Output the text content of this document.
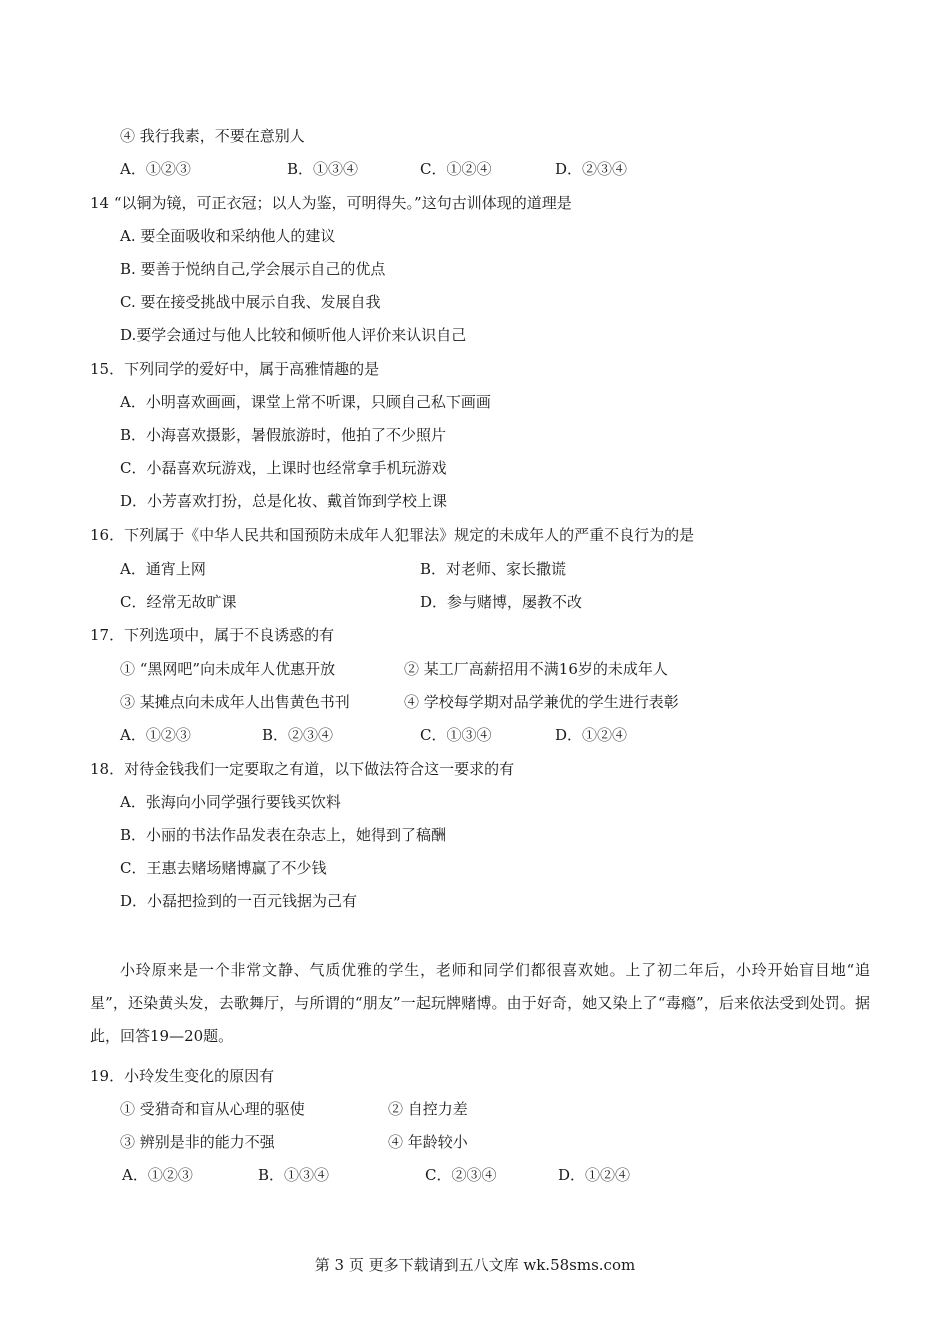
④ 我行我素，不要在意别人
A．①②③	B．①③④	C．①②④	D．②③④
14 “以铜为镜，可正衣冠；以人为鉴，可明得失。”这句古训体现的道理是
A. 要全面吸收和采纳他人的建议
B. 要善于悦纳自己,学会展示自己的优点
C. 要在接受挑战中展示自我、发展自我
D.要学会通过与他人比较和倾听他人评价来认识自己
15．下列同学的爱好中，属于高雅情趣的是
A．小明喜欢画画，课堂上常不听课，只顾自己私下画画
B．小海喜欢摄影，暑假旅游时，他拍了不少照片
C．小磊喜欢玩游戏，上课时也经常拿手机玩游戏
D．小芳喜欢打扮，总是化妆、戴首饰到学校上课
16．下列属于《中华人民共和国预防未成年人犯罪法》规定的未成年人的严重不良行为的是
A．通宵上网	B．对老师、家长撒谎
C．经常无故旷课	D．参与赌博，屡教不改
17．下列选项中，属于不良诱惑的有
① “黑网吧”向未成年人优惠开放	② 某工厂高薪招用不满16岁的未成年人
③ 某摊点向未成年人出售黄色书刊	④ 学校每学期对品学兼优的学生进行表彰
A．①②③	B．②③④	C．①③④	D．①②④
18．对待金钱我们一定要取之有道，以下做法符合这一要求的有
A．张海向小同学强行要钱买饮料
B．小丽的书法作品发表在杂志上，她得到了稿酬
C．王惠去赌场赌博赢了不少钱
D．小磊把捡到的一百元钱据为己有
小玲原来是一个非常文静、气质优雅的学生，老师和同学们都很喜欢她。上了初二年后，小玲开始盲目地“追星”，还染黄头发，去歌舞厅，与所谓的“朋友”一起玩牌赌博。由于好奇，她又染上了“毒瘾”，后来依法受到处罚。据此，回答19—20题。
19．小玲发生变化的原因有
① 受猎奇和盲从心理的驱使	② 自控力差
③ 辨别是非的能力不强	④ 年龄较小
A．①②③	B．①③④	C．②③④	D．①②④
第 3 页 更多下载请到五八文库 wk.58sms.com
